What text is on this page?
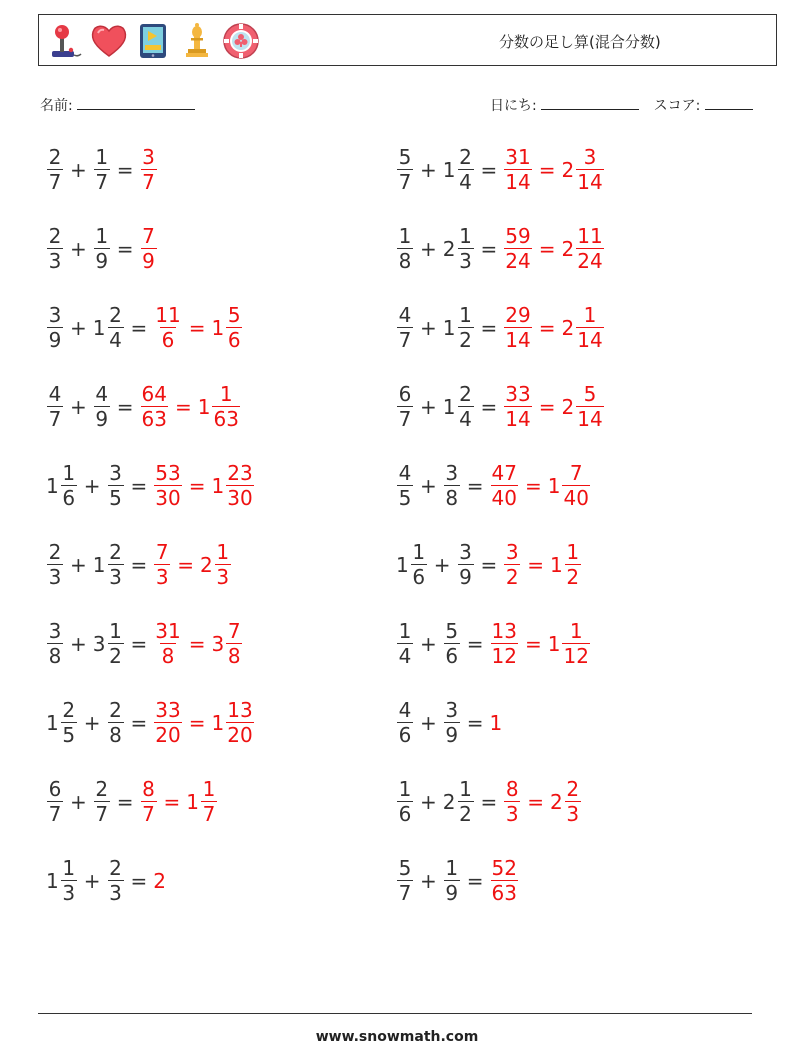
分数の足し算(混合分数)
名前:	日にち:	スコア:
$\frac{2}{7} + \frac{1}{7} = \frac{3}{7}$	$\frac{5}{7} + 1 \frac{2}{4} = \frac{31}{14} = 2 \frac{3}{14}$
$\frac{2}{3} + \frac{1}{9} = \frac{7}{9}$	$\frac{1}{8} + 2 \frac{1}{3} = \frac{59}{24} = 2 \frac{11}{24}$
$\frac{3}{9} + 1 \frac{2}{4} = \frac{11}{6} = 1 \frac{5}{6}$	$\frac{4}{7} + 1 \frac{1}{2} = \frac{29}{14} = 2 \frac{1}{14}$
$\frac{4}{7} + \frac{4}{9} = \frac{64}{63} = 1 \frac{1}{63}$	$\frac{6}{7} + 1 \frac{2}{4} = \frac{33}{14} = 2 \frac{5}{14}$
$1 \frac{1}{6} + \frac{3}{5} = \frac{53}{30} = 1 \frac{23}{30}$	$\frac{4}{5} + \frac{3}{8} = \frac{47}{40} = 1 \frac{7}{40}$
$\frac{2}{3} + 1 \frac{2}{3} = \frac{7}{3} = 2 \frac{1}{3}$	$1 \frac{1}{6} + \frac{3}{9} = \frac{3}{2} = 1 \frac{1}{2}$
$\frac{3}{8} + 3 \frac{1}{2} = \frac{31}{8} = 3 \frac{7}{8}$	$\frac{1}{4} + \frac{5}{6} = \frac{13}{12} = 1 \frac{1}{12}$
$1 \frac{2}{5} + \frac{2}{8} = \frac{33}{20} = 1 \frac{13}{20}$	$\frac{4}{6} + \frac{3}{9} = 1$
$\frac{6}{7} + \frac{2}{7} = \frac{8}{7} = 1 \frac{1}{7}$	$\frac{1}{6} + 2 \frac{1}{2} = \frac{8}{3} = 2 \frac{2}{3}$
$1 \frac{1}{3} + \frac{2}{3} = 2$	$\frac{5}{7} + \frac{1}{9} = \frac{52}{63}$
www.snowmath.com
